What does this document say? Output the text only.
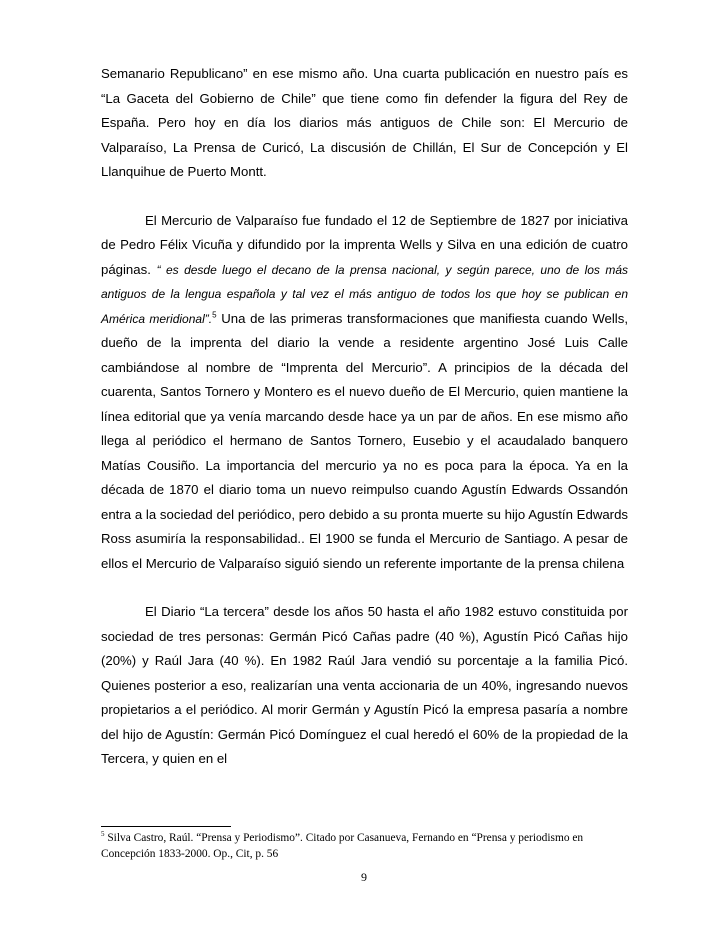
Semanario Republicano” en ese mismo año. Una cuarta publicación en nuestro país es “La Gaceta del Gobierno de Chile” que tiene como fin defender la figura del Rey de España. Pero hoy en día los diarios más antiguos de Chile son: El Mercurio de Valparaíso, La Prensa de Curicó, La discusión de Chillán, El Sur de Concepción y El Llanquihue de Puerto Montt.

El Mercurio de Valparaíso fue fundado el 12 de Septiembre de 1827 por iniciativa de Pedro Félix Vicuña y difundido por la imprenta Wells y Silva en una edición de cuatro páginas. “ es desde luego el decano de la prensa nacional, y según parece, uno de los más antiguos de la lengua española y tal vez el más antiguo de todos los que hoy se publican en América meridional”.$^5$ Una de las primeras transformaciones que manifiesta cuando Wells, dueño de la imprenta del diario la vende a residente argentino José Luis Calle cambiándose al nombre de “Imprenta del Mercurio”. A principios de la década del cuarenta, Santos Tornero y Montero es el nuevo dueño de El Mercurio, quien mantiene la línea editorial que ya venía marcando desde hace ya un par de años. En ese mismo año llega al periódico el hermano de Santos Tornero, Eusebio y el acaudalado banquero Matías Cousiño. La importancia del mercurio ya no es poca para la época. Ya en la década de 1870 el diario toma un nuevo reimpulso cuando Agustín Edwards Ossandón entra a la sociedad del periódico, pero debido a su pronta muerte su hijo Agustín Edwards Ross asumiría la responsabilidad.. El 1900 se funda el Mercurio de Santiago. A pesar de ellos el Mercurio de Valparaíso siguió siendo un referente importante de la prensa chilena

El Diario “La tercera” desde los años 50 hasta el año 1982 estuvo constituida por sociedad de tres personas: Germán Picó Cañas padre (40 %), Agustín Picó Cañas hijo (20%) y Raúl Jara (40 %). En 1982 Raúl Jara vendió su porcentaje a la familia Picó. Quienes posterior a eso, realizarían una venta accionaria de un 40%, ingresando nuevos propietarios a el periódico. Al morir Germán y Agustín Picó la empresa pasaría a nombre del hijo de Agustín: Germán Picó Domínguez el cual heredó el 60% de la propiedad de la Tercera, y quien en el

$^5$ Silva Castro, Raúl. “Prensa y Periodismo”. Citado por Casanueva, Fernando en “Prensa y periodismo en Concepción 1833-2000. Op., Cit, p. 56

9
